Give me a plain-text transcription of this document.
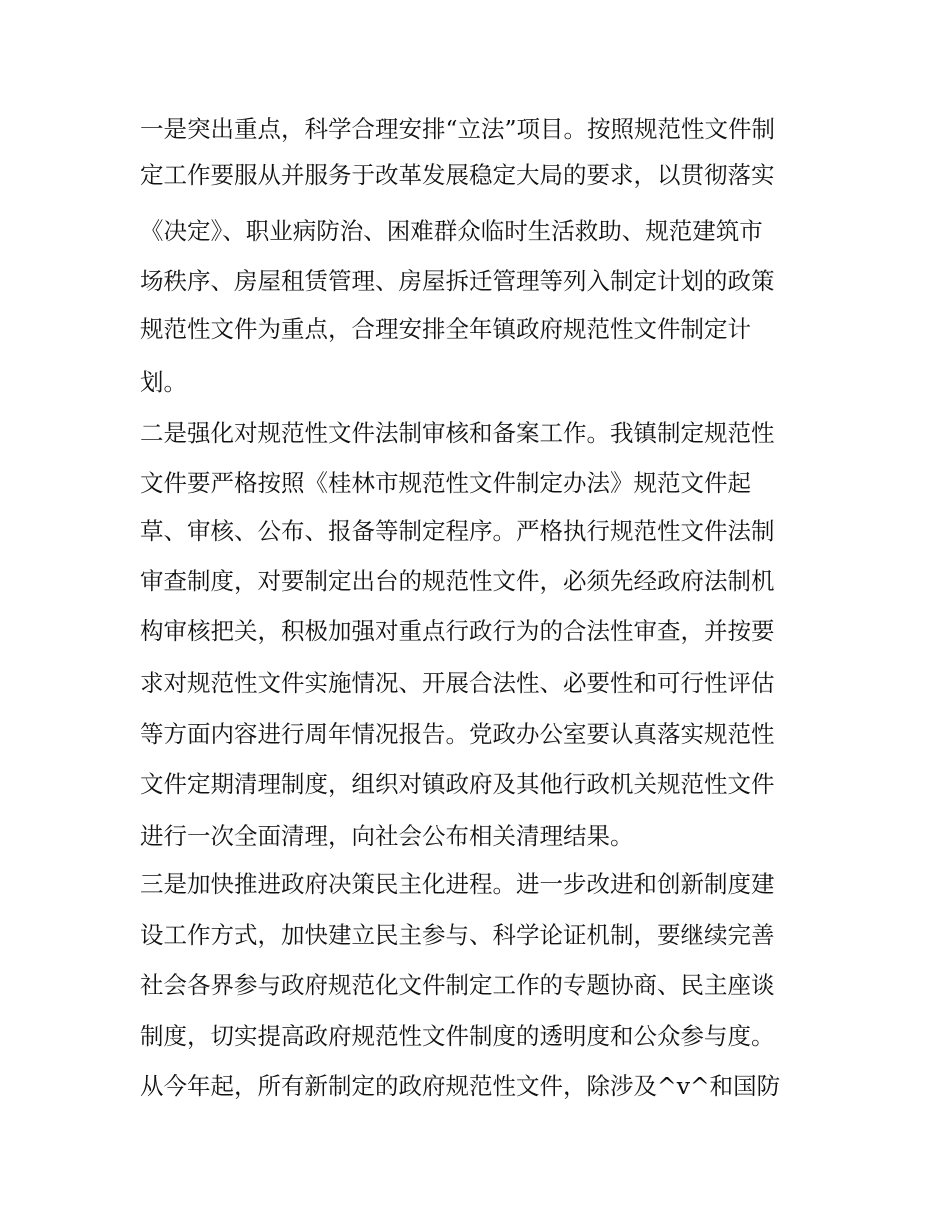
一是突出重点，科学合理安排“立法”项目。按照规范性文件制
定工作要服从并服务于改革发展稳定大局的要求，以贯彻落实
《决定》、职业病防治、困难群众临时生活救助、规范建筑市
场秩序、房屋租赁管理、房屋拆迁管理等列入制定计划的政策
规范性文件为重点，合理安排全年镇政府规范性文件制定计
划。
二是强化对规范性文件法制审核和备案工作。我镇制定规范性
文件要严格按照《桂林市规范性文件制定办法》规范文件起
草、审核、公布、报备等制定程序。严格执行规范性文件法制
审查制度，对要制定出台的规范性文件，必须先经政府法制机
构审核把关，积极加强对重点行政行为的合法性审查，并按要
求对规范性文件实施情况、开展合法性、必要性和可行性评估
等方面内容进行周年情况报告。党政办公室要认真落实规范性
文件定期清理制度，组织对镇政府及其他行政机关规范性文件
进行一次全面清理，向社会公布相关清理结果。
三是加快推进政府决策民主化进程。进一步改进和创新制度建
设工作方式，加快建立民主参与、科学论证机制，要继续完善
社会各界参与政府规范化文件制定工作的专题协商、民主座谈
制度，切实提高政府规范性文件制度的透明度和公众参与度。
从今年起，所有新制定的政府规范性文件，除涉及^v^和国防
